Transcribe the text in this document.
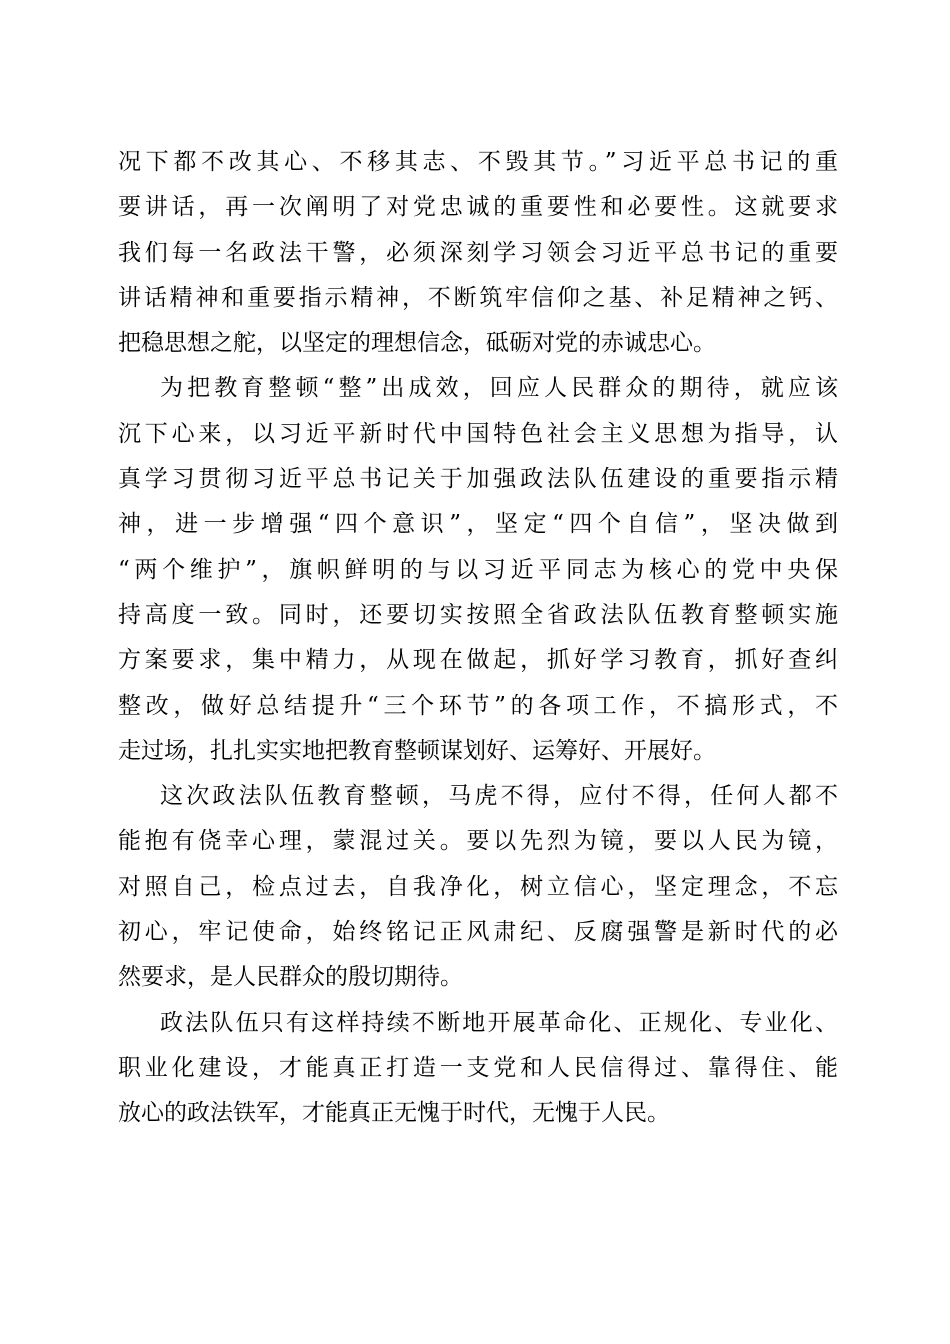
况下都不改其心、不移其志、不毁其节。”习近平总书记的重
要讲话，再一次阐明了对党忠诚的重要性和必要性。这就要求
我们每一名政法干警，必须深刻学习领会习近平总书记的重要
讲话精神和重要指示精神，不断筑牢信仰之基、补足精神之钙、
把稳思想之舵，以坚定的理想信念，砥砺对党的赤诚忠心。
为把教育整顿“整”出成效，回应人民群众的期待，就应该
沉下心来，以习近平新时代中国特色社会主义思想为指导，认
真学习贯彻习近平总书记关于加强政法队伍建设的重要指示精
神，进一步增强“四个意识”，坚定“四个自信”，坚决做到
“两个维护”，旗帜鲜明的与以习近平同志为核心的党中央保
持高度一致。同时，还要切实按照全省政法队伍教育整顿实施
方案要求，集中精力，从现在做起，抓好学习教育，抓好查纠
整改，做好总结提升“三个环节”的各项工作，不搞形式，不
走过场，扎扎实实地把教育整顿谋划好、运筹好、开展好。
这次政法队伍教育整顿，马虎不得，应付不得，任何人都不
能抱有侥幸心理，蒙混过关。要以先烈为镜，要以人民为镜，
对照自己，检点过去，自我净化，树立信心，坚定理念，不忘
初心，牢记使命，始终铭记正风肃纪、反腐强警是新时代的必
然要求，是人民群众的殷切期待。
政法队伍只有这样持续不断地开展革命化、正规化、专业化、
职业化建设，才能真正打造一支党和人民信得过、靠得住、能
放心的政法铁军，才能真正无愧于时代，无愧于人民。
